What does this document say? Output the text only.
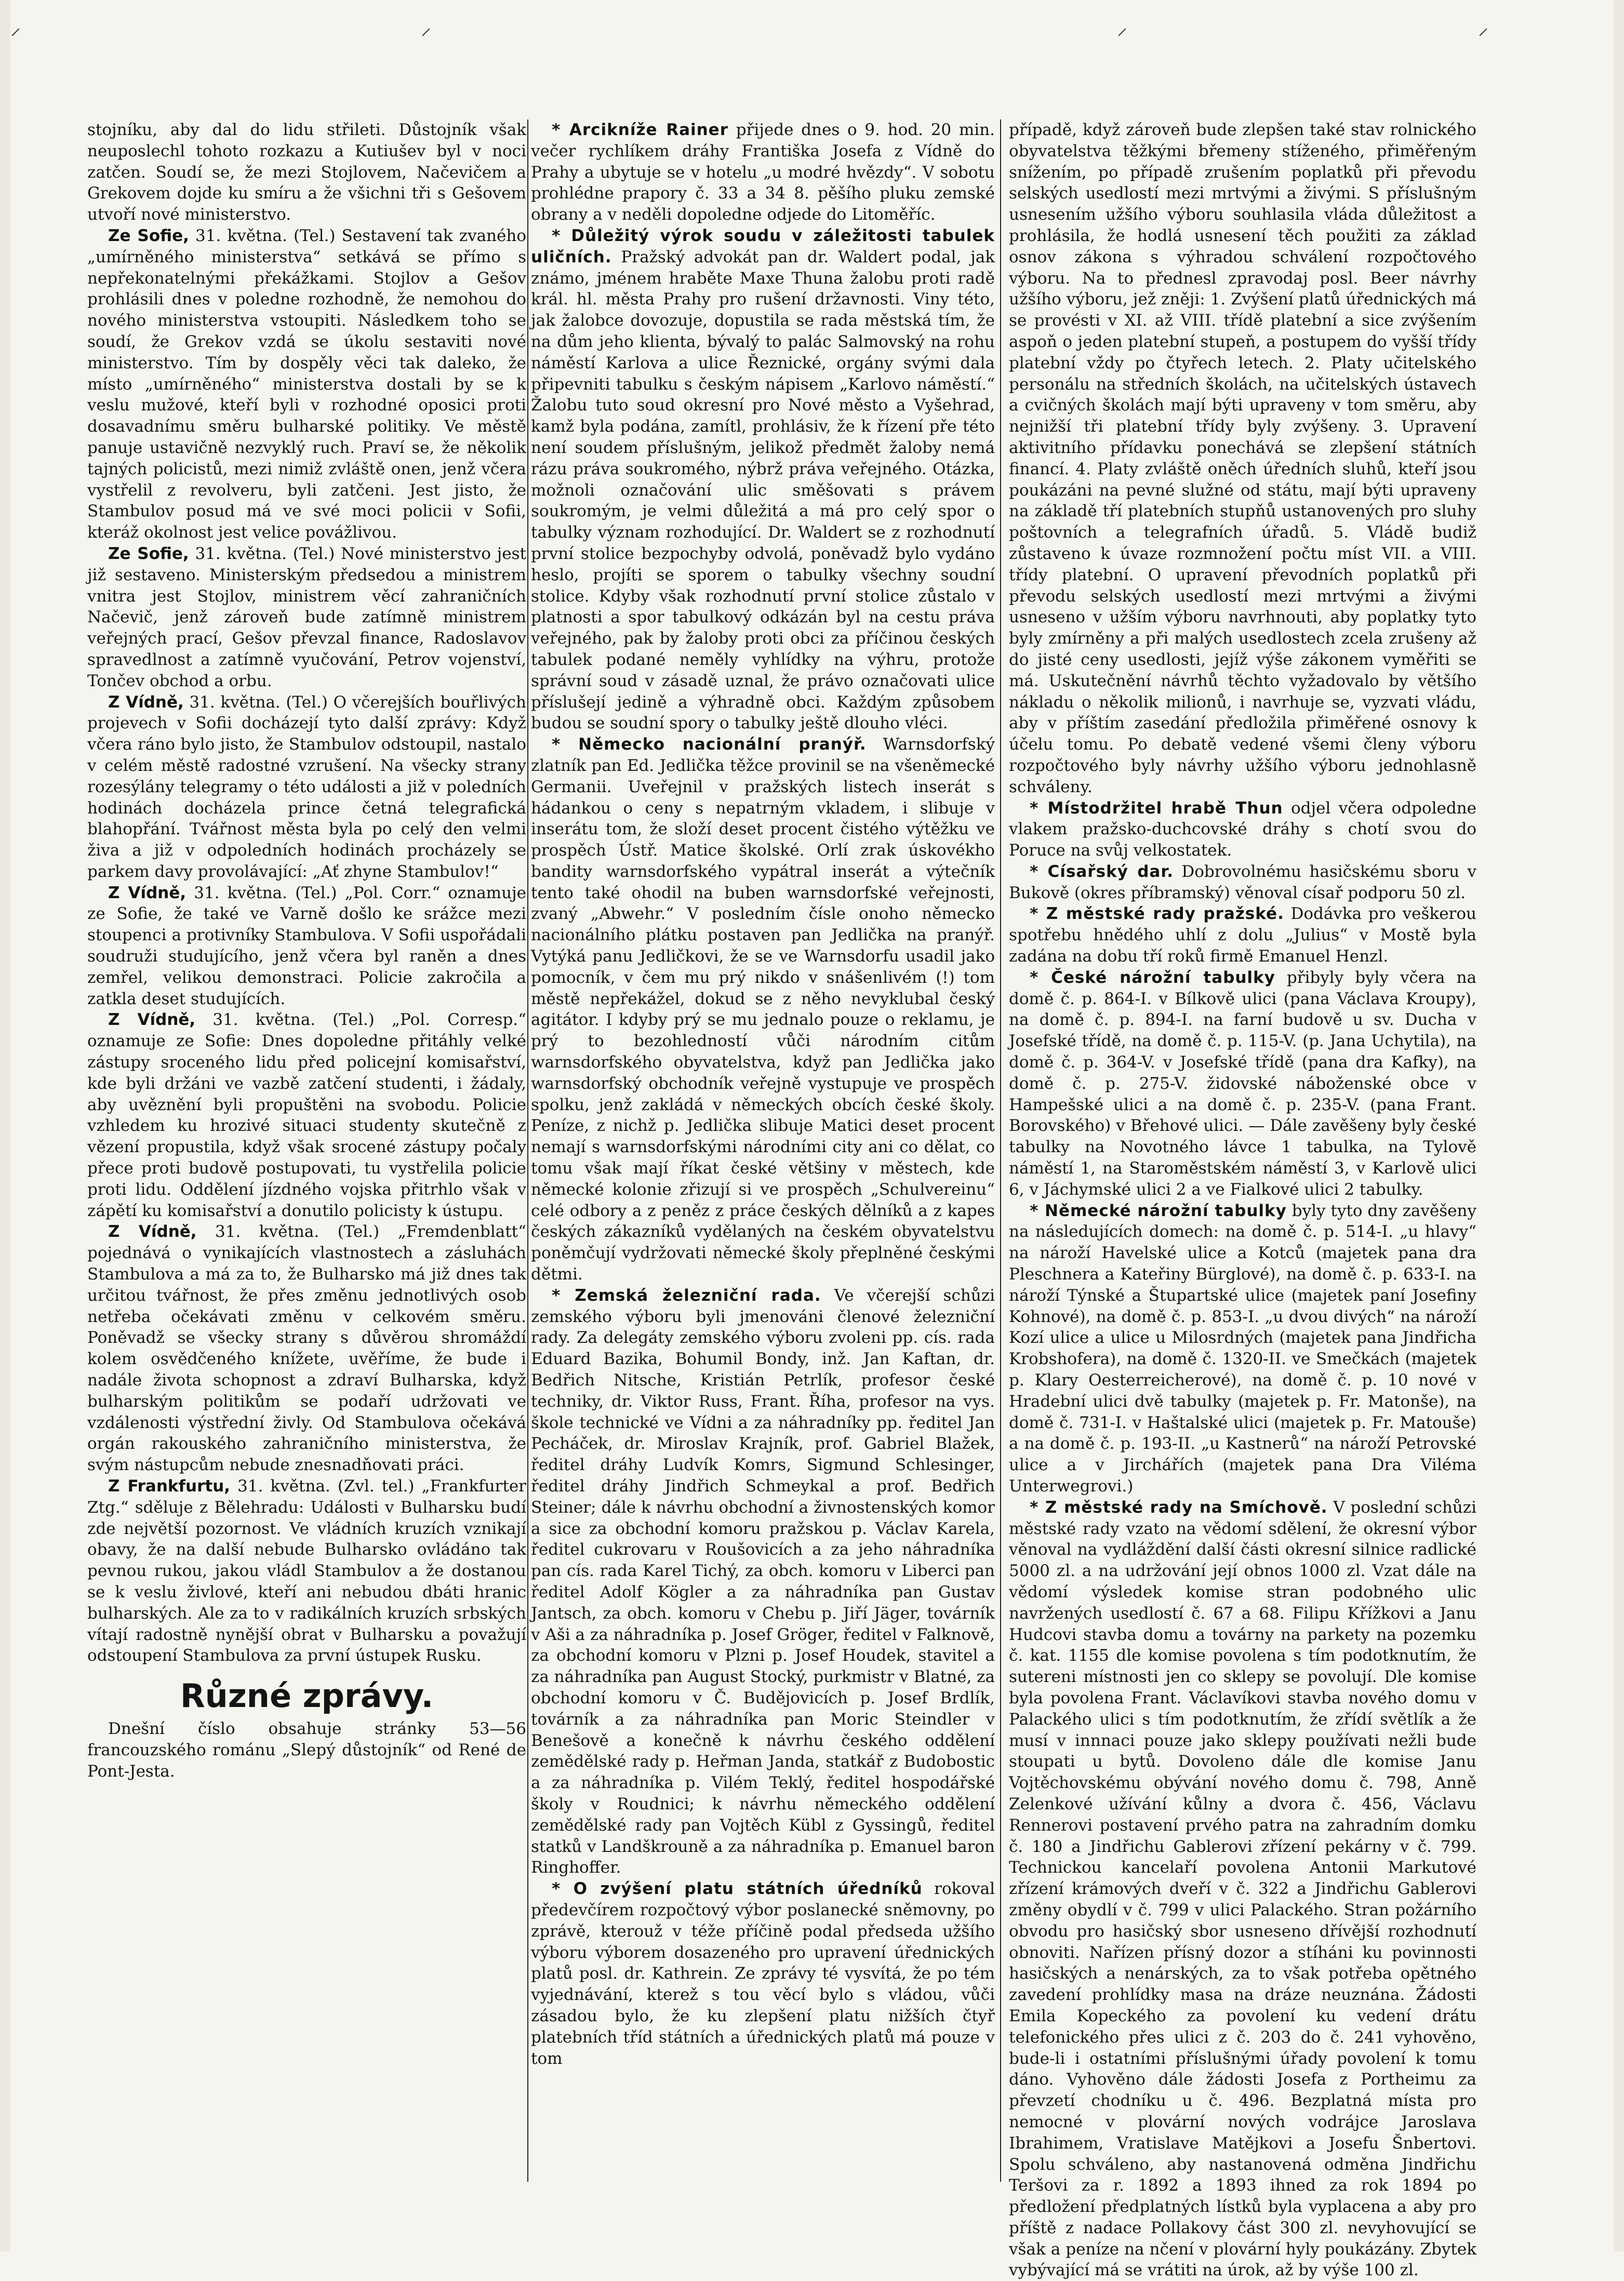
⸍	⸍	⸍	⸍

stojníku, aby dal do lidu střileti. Důstojník však neuposlechl tohoto rozkazu a Kutiušev byl v noci zatčen. Soudí se, že mezi Stojlovem, Načevičem a Grekovem dojde ku smíru a že všichni tři s Gešovem utvoří nové ministerstvo.

Ze Sofie, 31. května. (Tel.) Sestavení tak zvaného „umírněného ministerstva“ setkává se přímo s nepřekonatelnými překážkami. Stojlov a Gešov prohlásili dnes v poledne rozhodně, že nemohou do nového ministerstva vstoupiti. Následkem toho se soudí, že Grekov vzdá se úkolu sestaviti nové ministerstvo. Tím by dospěly věci tak daleko, že místo „umírněného“ ministerstva dostali by se k veslu mužové, kteří byli v rozhodné oposici proti dosavadnímu směru bulharské politiky. Ve městě panuje ustavičně nezvyklý ruch. Praví se, že několik tajných policistů, mezi nimiž zvláště onen, jenž včera vystřelil z revolveru, byli zatčeni. Jest jisto, že Stambulov posud má ve své moci policii v Sofii, kteráž okolnost jest velice povážlivou.

Ze Sofie, 31. května. (Tel.) Nové ministerstvo jest již sestaveno. Ministerským předsedou a ministrem vnitra jest Stojlov, ministrem věcí zahraničních Načevič, jenž zároveň bude zatímně ministrem veřejných prací, Gešov převzal finance, Radoslavov spravedlnost a zatímně vyučování, Petrov vojenství, Tončev obchod a orbu.

Z Vídně, 31. května. (Tel.) O včerejších bouřlivých projevech v Sofii docházejí tyto další zprávy: Když včera ráno bylo jisto, že Stambulov odstoupil, nastalo v celém městě radostné vzrušení. Na všecky strany rozesýlány telegramy o této události a již v poledních hodinách docházela prince četná telegrafická blahopřání. Tvářnost města byla po celý den velmi živa a již v odpoledních hodinách procházely se parkem davy provolávající: „Ať zhyne Stambulov!“

Z Vídně, 31. května. (Tel.) „Pol. Corr.“ oznamuje ze Sofie, že také ve Varně došlo ke srážce mezi stoupenci a protivníky Stambulova. V Sofii uspořádali soudruži studujícího, jenž včera byl raněn a dnes zemřel, velikou demonstraci. Policie zakročila a zatkla deset studujících.

Z Vídně, 31. května. (Tel.) „Pol. Corresp.“ oznamuje ze Sofie: Dnes dopoledne přitáhly velké zástupy sroceného lidu před policejní komisařství, kde byli držáni ve vazbě zatčení studenti, i žádaly, aby uvěznění byli propuštěni na svobodu. Policie vzhledem ku hrozivé situaci studenty skutečně z vězení propustila, když však srocené zástupy počaly přece proti budově postupovati, tu vystřelila policie proti lidu. Oddělení jízdného vojska přitrhlo však v zápětí ku komisařství a donutilo policisty k ústupu.

Z Vídně, 31. května. (Tel.) „Fremdenblatt“ pojednává o vynikajících vlastnostech a zásluhách Stambulova a má za to, že Bulharsko má již dnes tak určitou tvářnost, že přes změnu jednotlivých osob netřeba očekávati změnu v celkovém směru. Poněvadž se všecky strany s důvěrou shromáždí kolem osvědčeného knížete, uvěříme, že bude i nadále života schopnost a zdraví Bulharska, když bulharským politikům se podaří udržovati ve vzdálenosti výstřední živly. Od Stambulova očekává orgán rakouského zahraničního ministerstva, že svým nástupcům nebude znesnadňovati práci.

Z Frankfurtu, 31. května. (Zvl. tel.) „Frankfurter Ztg.“ sděluje z Bělehradu: Události v Bulharsku budí zde největší pozornost. Ve vládních kruzích vznikají obavy, že na další nebude Bulharsko ovládáno tak pevnou rukou, jakou vládl Stambulov a že dostanou se k veslu živlové, kteří ani nebudou dbáti hranic bulharských. Ale za to v radikálních kruzích srbských vítají radostně nynější obrat v Bulharsku a považují odstoupení Stambulova za první ústupek Rusku.

Různé zprávy.

Dnešní číslo obsahuje stránky 53—56 francouzského románu „Slepý důstojník“ od René de Pont-Jesta.

* Arcikníže Rainer přijede dnes o 9. hod. 20 min. večer rychlíkem dráhy Františka Josefa z Vídně do Prahy a ubytuje se v hotelu „u modré hvězdy“. V sobotu prohlédne prapory č. 33 a 34 8. pěšího pluku zemské obrany a v neděli dopoledne odjede do Litoměříc.

* Důležitý výrok soudu v záležitosti tabulek uličních. Pražský advokát pan dr. Waldert podal, jak známo, jménem hraběte Maxe Thuna žalobu proti radě král. hl. města Prahy pro rušení državnosti. Viny této, jak žalobce dovozuje, dopustila se rada městská tím, že na dům jeho klienta, bývalý to palác Salmovský na rohu náměstí Karlova a ulice Řeznické, orgány svými dala připevniti tabulku s českým nápisem „Karlovo náměstí.“ Žalobu tuto soud okresní pro Nové město a Vyšehrad, kamž byla podána, zamítl, prohlásiv, že k řízení pře této není soudem příslušným, jelikož předmět žaloby nemá rázu práva soukromého, nýbrž práva veřejného. Otázka, možnoli označování ulic směšovati s právem soukromým, je velmi důležitá a má pro celý spor o tabulky význam rozhodující. Dr. Waldert se z rozhodnutí první stolice bezpochyby odvolá, poněvadž bylo vydáno heslo, projíti se sporem o tabulky všechny soudní stolice. Kdyby však rozhodnutí první stolice zůstalo v platnosti a spor tabulkový odkázán byl na cestu práva veřejného, pak by žaloby proti obci za příčinou českých tabulek podané neměly vyhlídky na výhru, protože správní soud v zásadě uznal, že právo označovati ulice příslušejí jedině a výhradně obci. Každým způsobem budou se soudní spory o tabulky ještě dlouho vléci.

* Německo nacionální pranýř. Warnsdorfský zlatník pan Ed. Jedlička těžce provinil se na všeněmecké Germanii. Uveřejnil v pražských listech inserát s hádankou o ceny s nepatrným vkladem, i slibuje v inserátu tom, že složí deset procent čistého výtěžku ve prospěch Ústř. Matice školské. Orlí zrak úskovékho bandity warnsdorfského vypátral inserát a výtečník tento také ohodil na buben warnsdorfské veřejnosti, zvaný „Abwehr.“ V posledním čísle onoho německo nacionálního plátku postaven pan Jedlička na pranýř. Vytýká panu Jedličkovi, že se ve Warnsdorfu usadil jako pomocník, v čem mu prý nikdo v snášenlivém (!) tom městě nepřekážel, dokud se z něho nevyklubal český agitátor. I kdyby prý se mu jednalo pouze o reklamu, je prý to bezohledností vůči národním citům warnsdorfského obyvatelstva, když pan Jedlička jako warnsdorfský obchodník veřejně vystupuje ve prospěch spolku, jenž zakládá v německých obcích české školy. Peníze, z nichž p. Jedlička slibuje Matici deset procent nemají s warnsdorfskými národními city ani co dělat, co tomu však mají říkat české většiny v městech, kde německé kolonie zřizují si ve prospěch „Schulvereinu“ celé odbory a z peněz z práce českých dělníků a z kapes českých zákazníků vydělaných na českém obyvatelstvu poněmčují vydržovati německé školy přeplněné českými dětmi.

* Zemská železniční rada. Ve včerejší schůzi zemského výboru byli jmenováni členové železniční rady. Za delegáty zemského výboru zvoleni pp. cís. rada Eduard Bazika, Bohumil Bondy, inž. Jan Kaftan, dr. Bedřich Nitsche, Kristián Petrlík, profesor české techniky, dr. Viktor Russ, Frant. Říha, profesor na vys. škole technické ve Vídni a za náhradníky pp. ředitel Jan Pecháček, dr. Miroslav Krajník, prof. Gabriel Blažek, ředitel dráhy Ludvík Komrs, Sigmund Schlesinger, ředitel dráhy Jindřich Schmeykal a prof. Bedřich Steiner; dále k návrhu obchodní a živnostenských komor a sice za obchodní komoru pražskou p. Václav Karela, ředitel cukrovaru v Roušovicích a za jeho náhradníka pan cís. rada Karel Tichý, za obch. komoru v Liberci pan ředitel Adolf Kögler a za náhradníka pan Gustav Jantsch, za obch. komoru v Chebu p. Jiří Jäger, továrník v Aši a za náhradníka p. Josef Gröger, ředitel v Falknově, za obchodní komoru v Plzni p. Josef Houdek, stavitel a za náhradníka pan August Stocký, purkmistr v Blatné, za obchodní komoru v Č. Budějovicích p. Josef Brdlík, továrník a za náhradníka pan Moric Steindler v Benešově a konečně k návrhu českého oddělení zemědělské rady p. Heřman Janda, statkář z Budobostic a za náhradníka p. Vilém Teklý, ředitel hospodářské školy v Roudnici; k návrhu německého oddělení zemědělské rady pan Vojtěch Kübl z Gyssingů, ředitel statků v Landškrouně a za náhradníka p. Emanuel baron Ringhoffer.

* O zvýšení platu státních úředníků rokoval předevčírem rozpočtový výbor poslanecké sněmovny, po zprávě, kterouž v téže příčině podal předseda užšího výboru výborem dosazeného pro upravení úřednických platů posl. dr. Kathrein. Ze zprávy té vysvítá, že po tém vyjednávání, kterež s tou věcí bylo s vládou, vůči zásadou bylo, že ku zlepšení platu nižších čtyř platebních tříd státních a úřednických platů má pouze v tom

případě, když zároveň bude zlepšen také stav rolnického obyvatelstva těžkými břemeny stíženého, přiměřeným snížením, po případě zrušením poplatků při převodu selských usedlostí mezi mrtvými a živými. S příslušným usnesením užšího výboru souhlasila vláda důležitost a prohlásila, že hodlá usnesení těch použiti za základ osnov zákona s výhradou schválení rozpočtového výboru. Na to přednesl zpravodaj posl. Beer návrhy užšího výboru, jež zněji: 1. Zvýšení platů úřednických má se provésti v XI. až VIII. třídě platební a sice zvýšením aspoň o jeden platební stupeň, a postupem do vyšší třídy platební vždy po čtyřech letech. 2. Platy učitelského personálu na středních školách, na učitelských ústavech a cvičných školách mají býti upraveny v tom směru, aby nejnižší tři platební třídy byly zvýšeny. 3. Upravení aktivitního přídavku ponechává se zlepšení státních financí. 4. Platy zvláště oněch úředních sluhů, kteří jsou poukázáni na pevné služné od státu, mají býti upraveny na základě tří platebních stupňů ustanovených pro sluhy poštovních a telegrafních úřadů. 5. Vládě budiž zůstaveno k úvaze rozmnožení počtu míst VII. a VIII. třídy platební. O upravení převodních poplatků při převodu selských usedlostí mezi mrtvými a živými usneseno v užším výboru navrhnouti, aby poplatky tyto byly zmírněny a při malých usedlostech zcela zrušeny až do jisté ceny usedlosti, jejíž výše zákonem vyměřiti se má. Uskutečnění návrhů těchto vyžadovalo by většího nákladu o několik milionů, i navrhuje se, vyzvati vládu, aby v příštím zasedání předložila přiměřené osnovy k účelu tomu. Po debatě vedené všemi členy výboru rozpočtového byly návrhy užšího výboru jednohlasně schváleny.

* Místodržitel hrabě Thun odjel včera odpoledne vlakem pražsko-duchcovské dráhy s chotí svou do Poruce na svůj velkostatek.

* Císařský dar. Dobrovolnému hasičskému sboru v Bukově (okres příbramský) věnoval císař podporu 50 zl.

* Z městské rady pražské. Dodávka pro veškerou spotřebu hnědého uhlí z dolu „Julius“ v Mostě byla zadána na dobu tří roků firmě Emanuel Henzl.

* České nárožní tabulky přibyly byly včera na domě č. p. 864-I. v Bílkově ulici (pana Václava Kroupy), na domě č. p. 894-I. na farní budově u sv. Ducha v Josefské třídě, na domě č. p. 115-V. (p. Jana Uchytila), na domě č. p. 364-V. v Josefské třídě (pana dra Kafky), na domě č. p. 275-V. židovské náboženské obce v Hampešské ulici a na domě č. p. 235-V. (pana Frant. Borovského) v Břehové ulici. — Dále zavěšeny byly české tabulky na Novotného lávce 1 tabulka, na Tylově náměstí 1, na Staroměstském náměstí 3, v Karlově ulici 6, v Jáchymské ulici 2 a ve Fialkové ulici 2 tabulky.

* Německé nárožní tabulky byly tyto dny zavěšeny na následujících domech: na domě č. p. 514-I. „u hlavy“ na nároží Havelské ulice a Kotců (majetek pana dra Pleschnera a Kateřiny Bürglové), na domě č. p. 633-I. na nároží Týnské a Štupartské ulice (majetek paní Josefiny Kohnové), na domě č. p. 853-I. „u dvou divých“ na nároží Kozí ulice a ulice u Milosrdných (majetek pana Jindřicha Krobshofera), na domě č. 1320-II. ve Smečkách (majetek p. Klary Oesterreicherové), na domě č. p. 10 nové v Hradební ulici dvě tabulky (majetek p. Fr. Matonše), na domě č. 731-I. v Haštalské ulici (majetek p. Fr. Matouše) a na domě č. p. 193-II. „u Kastnerů“ na nároží Petrovské ulice a v Jirchářích (majetek pana Dra Viléma Unterwegrovi.)

* Z městské rady na Smíchově. V poslední schůzi městské rady vzato na vědomí sdělení, že okresní výbor věnoval na vydláždění další části okresní silnice radlické 5000 zl. a na udržování její obnos 1000 zl. Vzat dále na vědomí výsledek komise stran podobného ulic navržených usedlostí č. 67 a 68. Filipu Křížkovi a Janu Hudcovi stavba domu a továrny na parkety na pozemku č. kat. 1155 dle komise povolena s tím podotknutím, že sutereni místnosti jen co sklepy se povolují. Dle komise byla povolena Frant. Václavíkovi stavba nového domu v Palackého ulici s tím podotknutím, že zřídí světlík a že musí v innnaci pouze jako sklepy používati nežli bude stoupati u bytů. Dovoleno dále dle komise Janu Vojtěchovskému obývání nového domu č. 798, Anně Zelenkové užívání kůlny a dvora č. 456, Václavu Rennerovi postavení prvého patra na zahradním domku č. 180 a Jindřichu Gablerovi zřízení pekárny v č. 799. Technickou kancelaří povolena Antonii Markutové zřízení krámových dveří v č. 322 a Jindřichu Gablerovi změny obydlí v č. 799 v ulici Palackého. Stran požárního obvodu pro hasičský sbor usneseno dřívější rozhodnutí obnoviti. Nařízen přísný dozor a stíháni ku povinnosti hasičských a nenárských, za to však potřeba opětného zavedení prohlídky masa na dráze neuznána. Žádosti Emila Kopeckého za povolení ku vedení drátu telefonického přes ulici z č. 203 do č. 241 vyhověno, bude-li i ostatními příslušnými úřady povolení k tomu dáno. Vyhověno dále žádosti Josefa z Portheimu za převzetí chodníku u č. 496. Bezplatná místa pro nemocné v plovární nových vodrájce Jaroslava Ibrahimem, Vratislave Matějkovi a Josefu Šnbertovi. Spolu schváleno, aby nastanovená odměna Jindřichu Teršovi za r. 1892 a 1893 ihned za rok 1894 po předložení předplatných lístků byla vyplacena a aby pro příště z nadace Pollakovy část 300 zl. nevyhovující se však a peníze na nčení v plovární hyly poukázány. Zbytek vybývající má se vrátiti na úrok, až by výše 100 zl.
